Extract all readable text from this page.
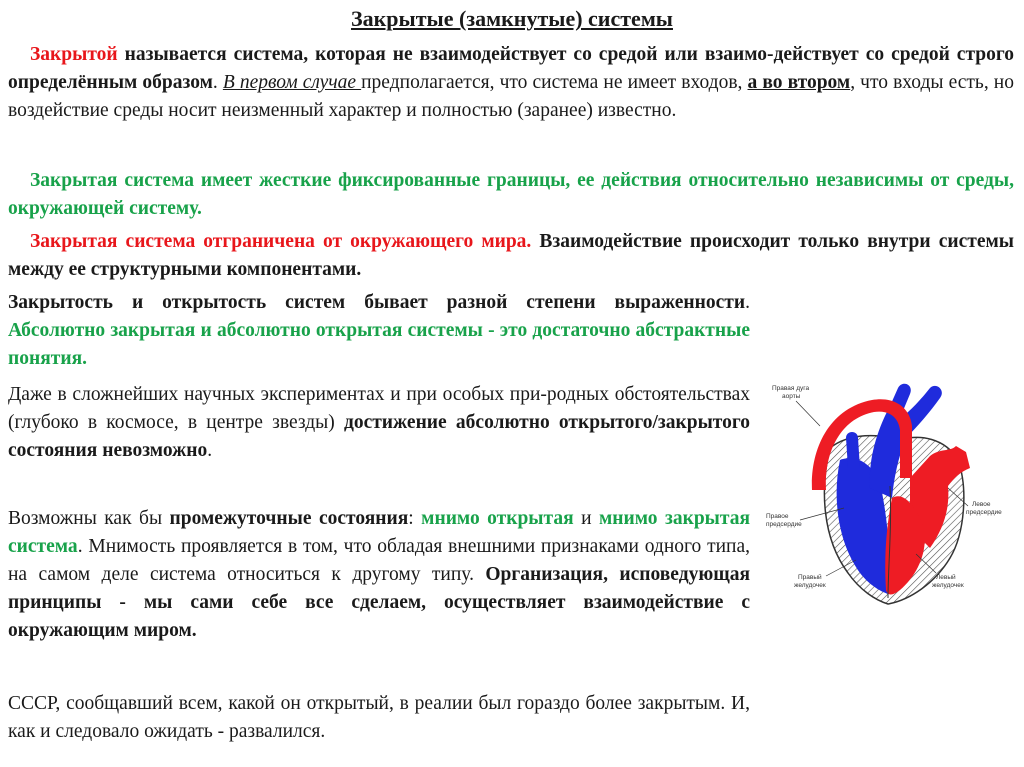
Закрытые (замкнутые) системы

Закрытой называется система, которая не взаимодействует со средой или взаимо-действует со средой строго определённым образом. В первом случае предполагается, что система не имеет входов, а во втором, что входы есть, но воздействие среды носит неизменный характер и полностью (заранее) известно.

Закрытая система имеет жесткие фиксированные границы, ее действия относительно независимы от среды, окружающей систему.

Закрытая система отграничена от окружающего мира. Взаимодействие происходит только внутри системы между ее структурными компонентами.

Закрытость и открытость систем бывает разной степени выраженности. Абсолютно закрытая и абсолютно открытая системы - это достаточно абстрактные понятия.

Даже в сложнейших научных экспериментах и при особых при-родных обстоятельствах (глубоко в космосе, в центре звезды) достижение абсолютно открытого/закрытого состояния невозможно.

Возможны как бы промежуточные состояния: мнимо открытая и мнимо закрытая система. Мнимость проявляется в том, что обладая внешними признаками одного типа, на самом деле система относиться к другому типу. Организация, исповедующая принципы - мы сами себе все сделаем, осуществляет взаимодействие с окружающим миром.

СССР, сообщавший всем, какой он открытый, в реалии был гораздо более закрытым. И, как и следовало ожидать - развалился.

Правая дуга
аорты
Правое
предсердие
Правый
желудочек
Левое
предсердие
Левый
желудочек
